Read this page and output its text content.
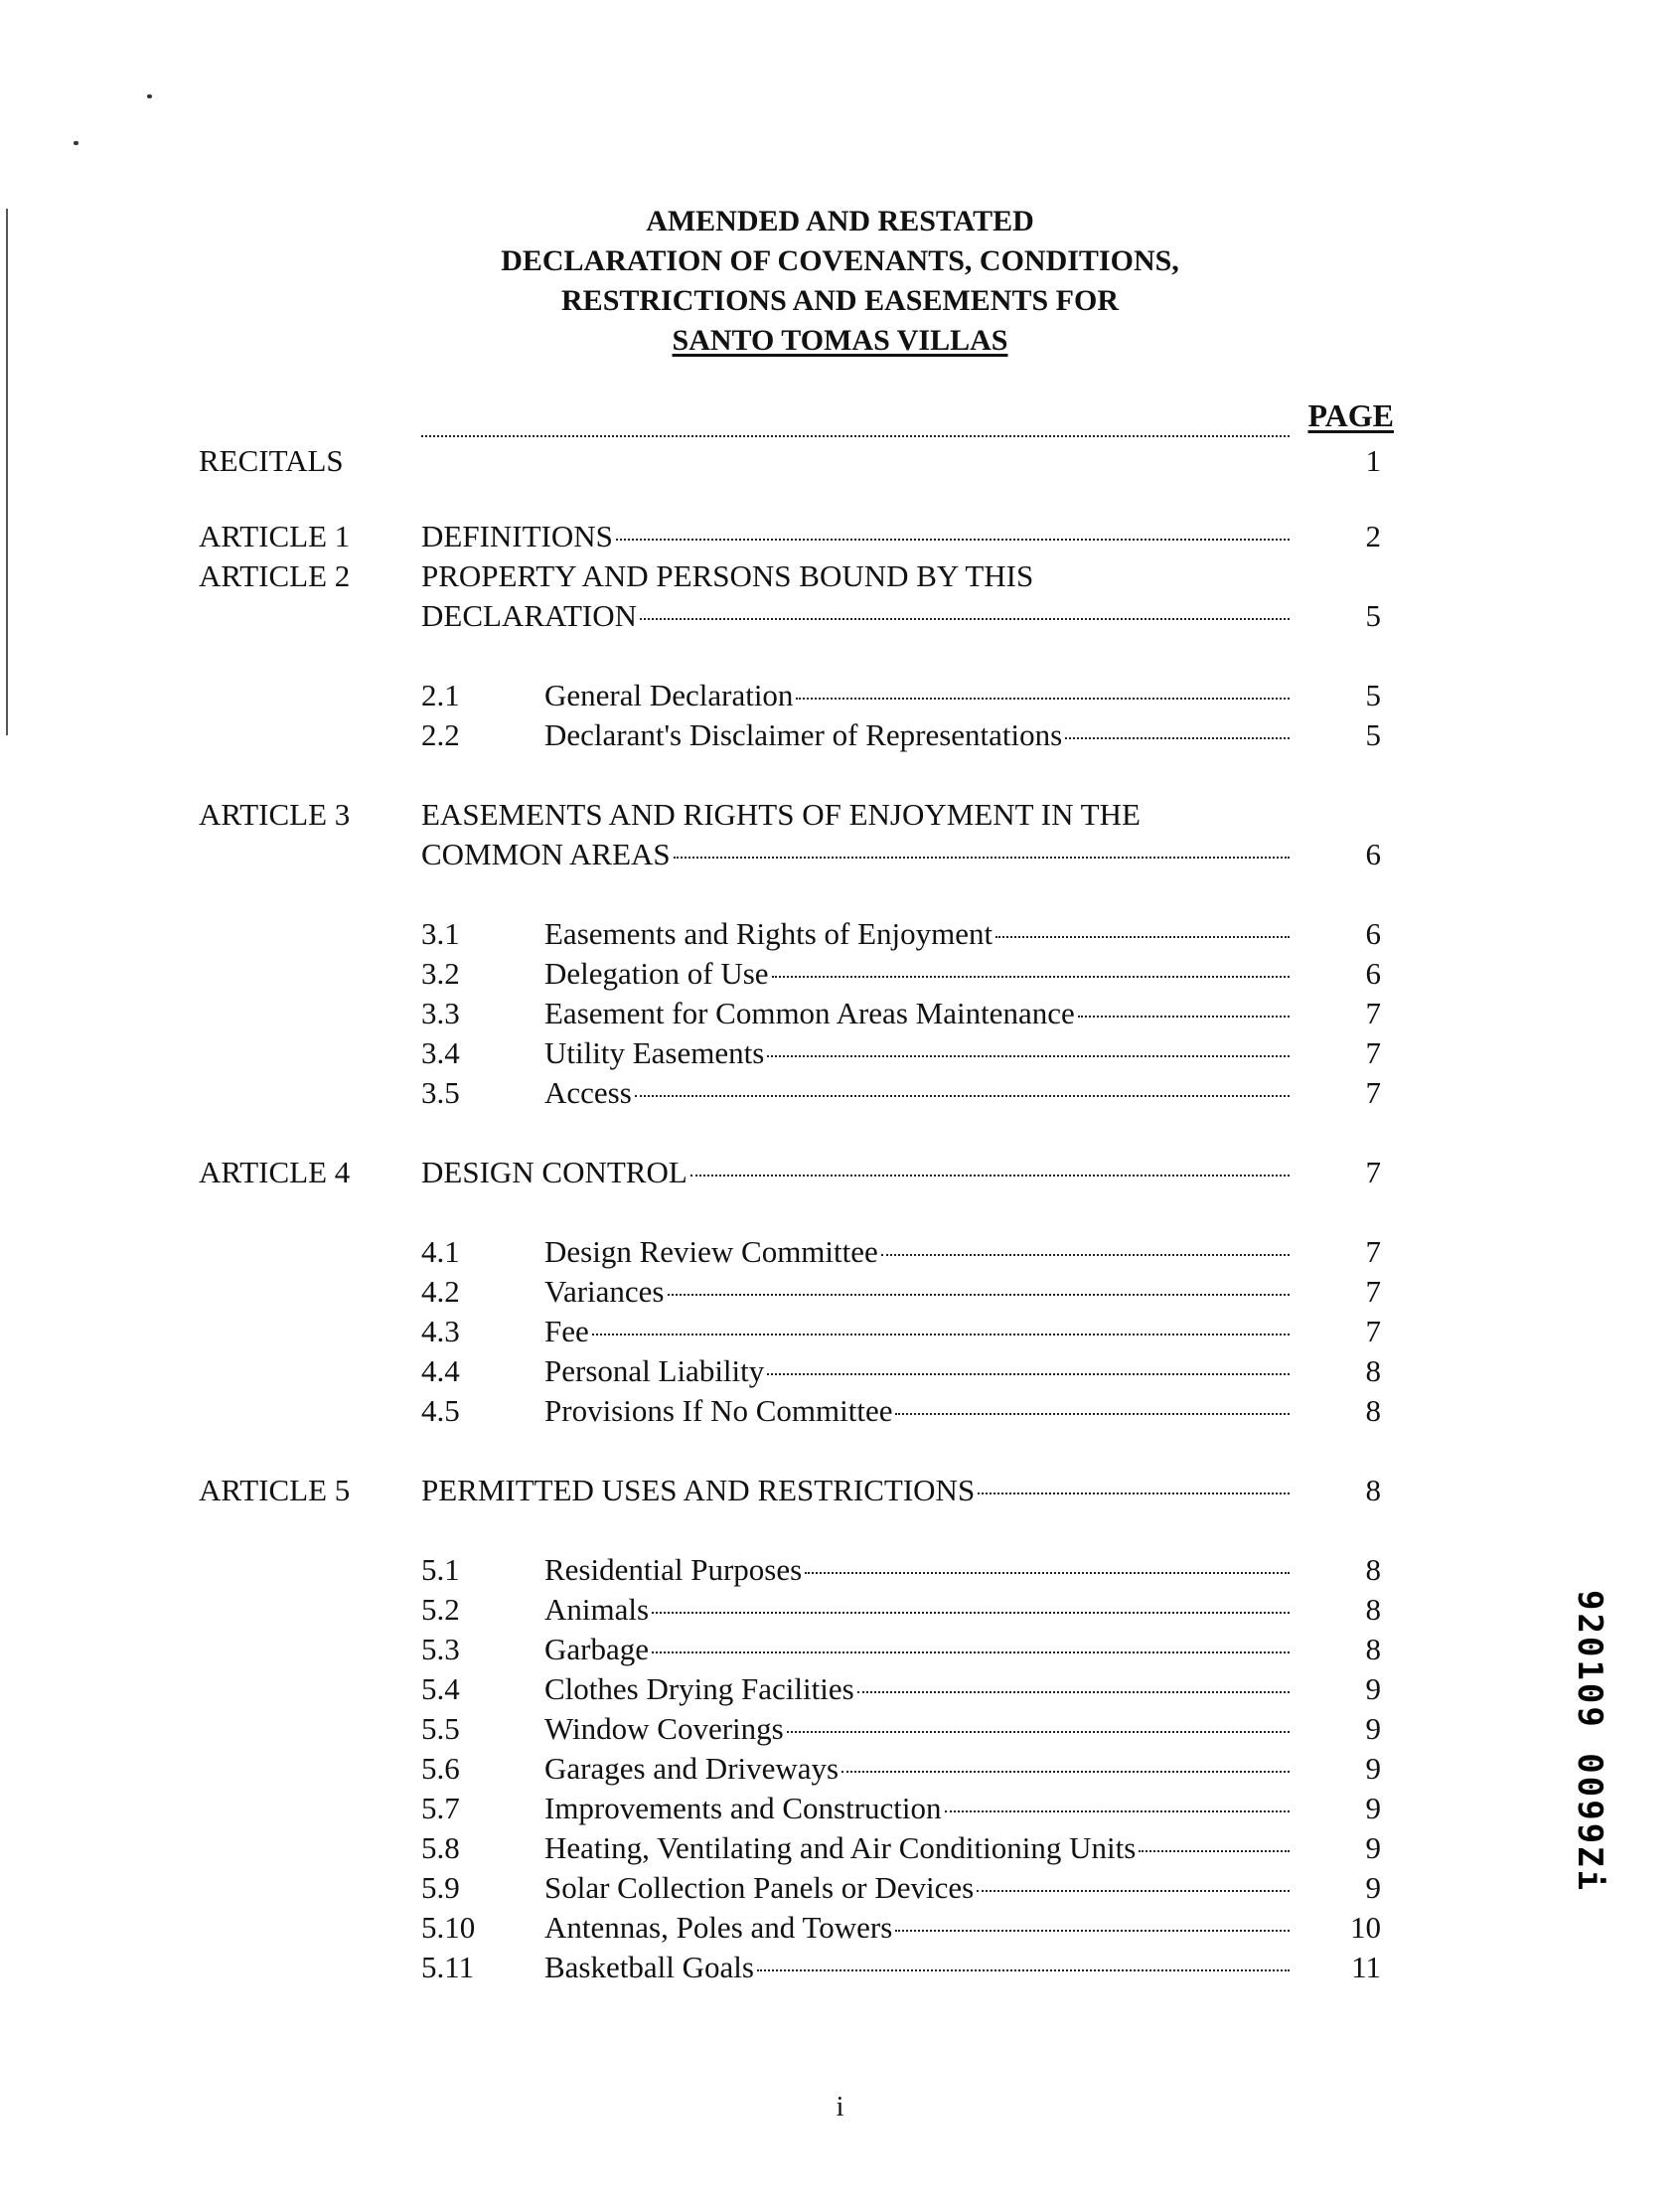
AMENDED AND RESTATED
DECLARATION OF COVENANTS, CONDITIONS,
RESTRICTIONS AND EASEMENTS FOR
SANTO TOMAS VILLAS
PAGE
RECITALS	1
ARTICLE 1 DEFINITIONS	2
ARTICLE 2 PROPERTY AND PERSONS BOUND BY THIS
DECLARATION	5
2.1	General Declaration	5
2.2	Declarant's Disclaimer of Representations	5
ARTICLE 3 EASEMENTS AND RIGHTS OF ENJOYMENT IN THE
COMMON AREAS	6
3.1	Easements and Rights of Enjoyment	6
3.2	Delegation of Use	6
3.3	Easement for Common Areas Maintenance	7
3.4	Utility Easements	7
3.5	Access	7
ARTICLE 4 DESIGN CONTROL	7
4.1	Design Review Committee	7
4.2	Variances	7
4.3	Fee	7
4.4	Personal Liability	8
4.5	Provisions If No Committee	8
ARTICLE 5 PERMITTED USES AND RESTRICTIONS	8
5.1	Residential Purposes	8
5.2	Animals	8
5.3	Garbage	8
5.4	Clothes Drying Facilities	9
5.5	Window Coverings	9
5.6	Garages and Driveways	9
5.7	Improvements and Construction	9
5.8	Heating, Ventilating and Air Conditioning Units	9
5.9	Solar Collection Panels or Devices	9
5.10 Antennas, Poles and Towers	10
5.11 Basketball Goals	11
i
920109 0099Zi
